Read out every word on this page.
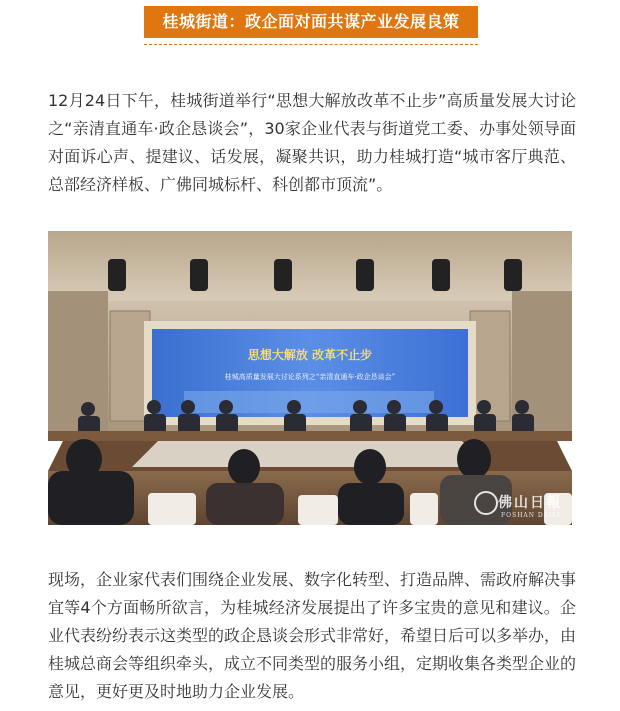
桂城街道：政企面对面共谋产业发展良策

12月24日下午，桂城街道举行“思想大解放改革不止步”高质量发展大讨论之“亲清直通车·政企恳谈会”，30家企业代表与街道党工委、办事处领导面对面诉心声、提建议、话发展，凝聚共识，助力桂城打造“城市客厅典范、总部经济样板、广佛同城标杆、科创都市顶流”。

思想大解放 改革不止步
桂城高质量发展大讨论系列之“亲清直通车·政企恳谈会”
佛山日報
FOSHAN DAILY

现场，企业家代表们围绕企业发展、数字化转型、打造品牌、需政府解决事宜等4个方面畅所欲言，为桂城经济发展提出了许多宝贵的意见和建议。企业代表纷纷表示这类型的政企恳谈会形式非常好，希望日后可以多举办，由桂城总商会等组织牵头，成立不同类型的服务小组，定期收集各类型企业的意见，更好更及时地助力企业发展。
